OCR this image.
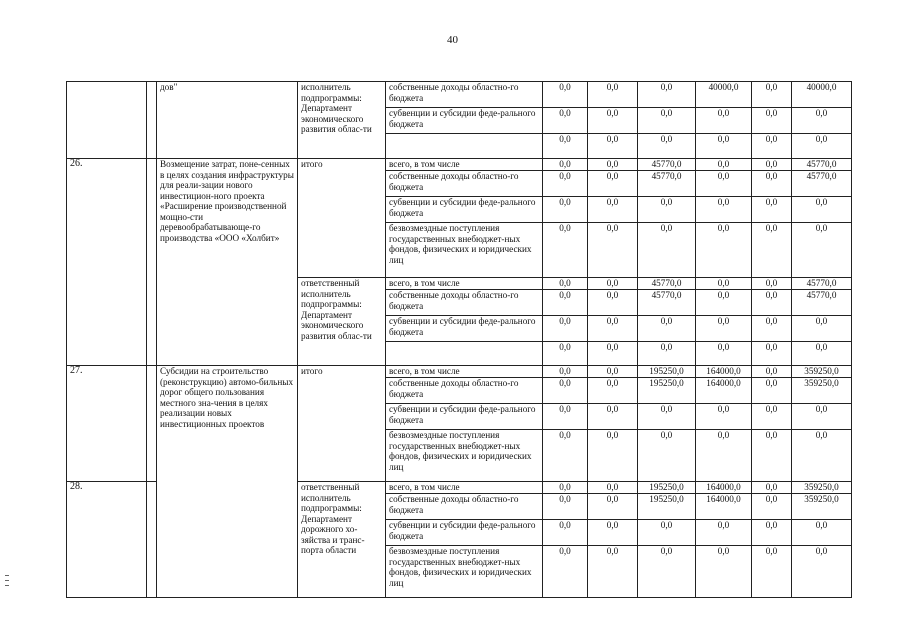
40
		дов"	исполнитель подпрограммы: Департамент экономического развития облас-ти	собственные доходы областно-го бюджета	0,0	0,0	0,0	40000,0	0,0	40000,0
				субвенции и субсидии феде-рального бюджета	0,0	0,0	0,0	0,0	0,0	0,0
					0,0	0,0	0,0	0,0	0,0	0,0
26.		Возмещение затрат, поне-сенных в целях создания инфраструктуры для реали-зации нового инвестицион-ного проекта «Расширение производственной мощно-сти деревообрабатывающе-го производства «ООО «Холбит»	итого	всего, в том числе	0,0	0,0	45770,0	0,0	0,0	45770,0
				собственные доходы областно-го бюджета	0,0	0,0	45770,0	0,0	0,0	45770,0
				субвенции и субсидии феде-рального бюджета	0,0	0,0	0,0	0,0	0,0	0,0
				безвозмездные поступления государственных внебюджет-ных фондов, физических и юридических лиц	0,0	0,0	0,0	0,0	0,0	0,0
			ответственный исполнитель подпрограммы: Департамент экономического развития облас-ти	всего, в том числе	0,0	0,0	45770,0	0,0	0,0	45770,0
				собственные доходы областно-го бюджета	0,0	0,0	45770,0	0,0	0,0	45770,0
				субвенции и субсидии феде-рального бюджета	0,0	0,0	0,0	0,0	0,0	0,0
					0,0	0,0	0,0	0,0	0,0	0,0
27.		Субсидии на строительство (реконструкцию) автомо-бильных дорог общего пользования местного зна-чения в целях реализации новых инвестиционных проектов	итого	всего, в том числе	0,0	0,0	195250,0	164000,0	0,0	359250,0
				собственные доходы областно-го бюджета	0,0	0,0	195250,0	164000,0	0,0	359250,0
				субвенции и субсидии феде-рального бюджета	0,0	0,0	0,0	0,0	0,0	0,0
				безвозмездные поступления государственных внебюджет-ных фондов, физических и юридических лиц	0,0	0,0	0,0	0,0	0,0	0,0
28.			ответственный исполнитель подпрограммы: Департамент дорожного хо-зяйства и транс-порта области	всего, в том числе	0,0	0,0	195250,0	164000,0	0,0	359250,0
				собственные доходы областно-го бюджета	0,0	0,0	195250,0	164000,0	0,0	359250,0
				субвенции и субсидии феде-рального бюджета	0,0	0,0	0,0	0,0	0,0	0,0
				безвозмездные поступления государственных внебюджет-ных фондов, физических и юридических лиц	0,0	0,0	0,0	0,0	0,0	0,0
